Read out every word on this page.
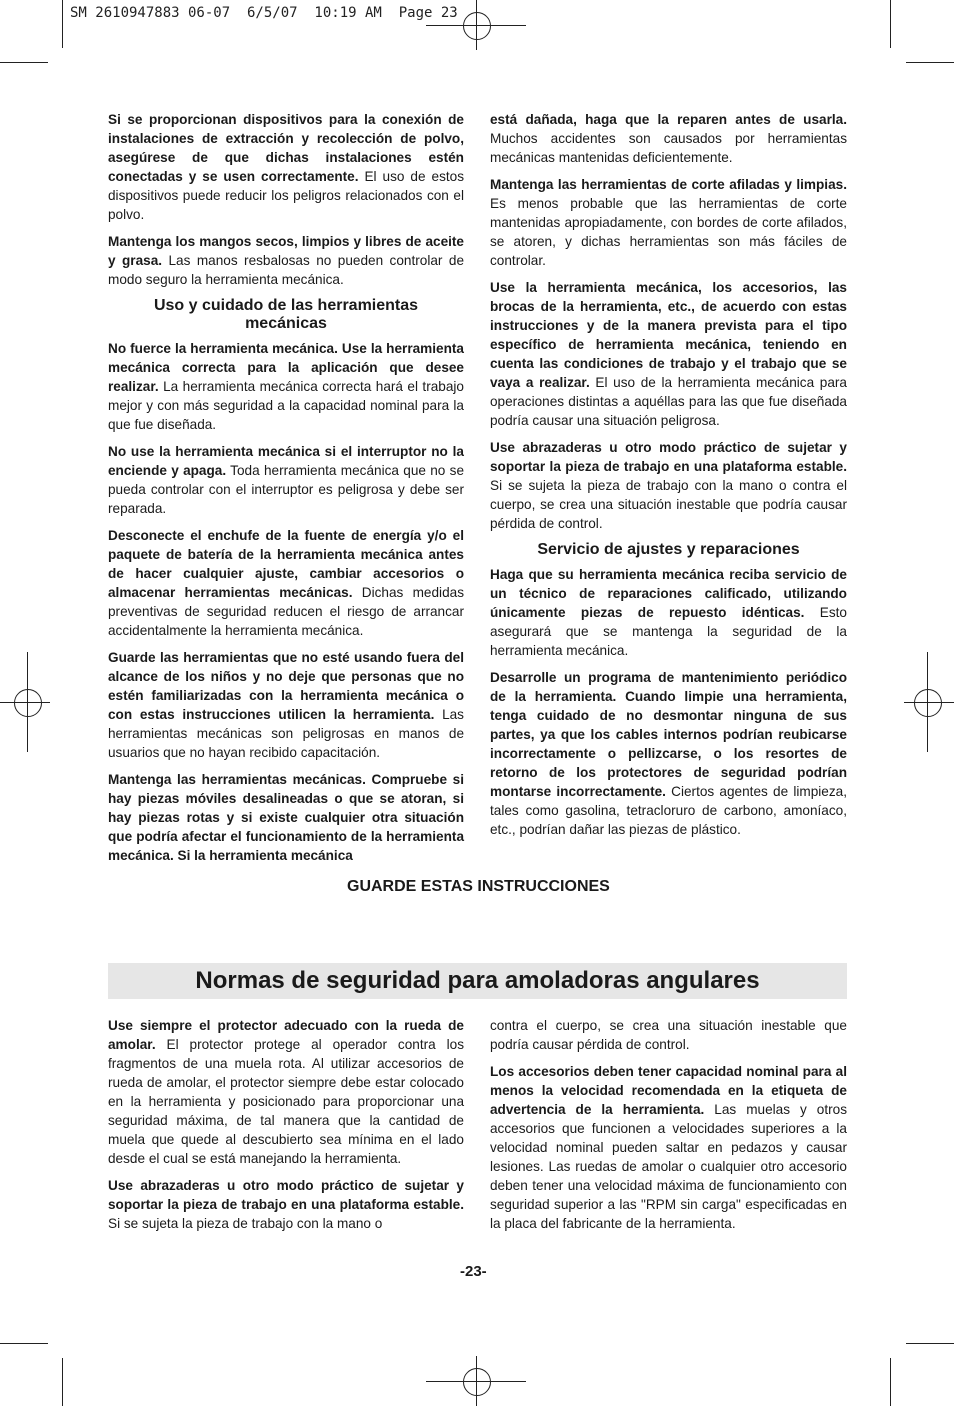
SM 2610947883 06-07  6/5/07  10:19 AM  Page 23

Si se proporcionan dispositivos para la conexión de instalaciones de extracción y recolección de polvo, asegúrese de que dichas instalaciones estén conectadas y se usen correctamente. El uso de estos dispositivos puede reducir los peligros relacionados con el polvo.

Mantenga los mangos secos, limpios y libres de aceite y grasa. Las manos resbalosas no pueden controlar de modo seguro la herramienta mecánica.

Uso y cuidado de las herramientas mecánicas

No fuerce la herramienta mecánica. Use la herramienta mecánica correcta para la aplicación que desee realizar. La herramienta mecánica correcta hará el trabajo mejor y con más seguridad a la capacidad nominal para la que fue diseñada.

No use la herramienta mecánica si el interruptor no la enciende y apaga. Toda herramienta mecánica que no se pueda controlar con el interruptor es peligrosa y debe ser reparada.

Desconecte el enchufe de la fuente de energía y/o el paquete de batería de la herramienta mecánica antes de hacer cualquier ajuste, cambiar accesorios o almacenar herramientas mecánicas. Dichas medidas preventivas de seguridad reducen el riesgo de arrancar accidentalmente la herramienta mecánica.

Guarde las herramientas que no esté usando fuera del alcance de los niños y no deje que personas que no estén familiarizadas con la herramienta mecánica o con estas instrucciones utilicen la herramienta. Las herramientas mecánicas son peligrosas en manos de usuarios que no hayan recibido capacitación.

Mantenga las herramientas mecánicas. Compruebe si hay piezas móviles desalineadas o que se atoran, si hay piezas rotas y si existe cualquier otra situación que podría afectar el funcionamiento de la herramienta mecánica. Si la herramienta mecánica

está dañada, haga que la reparen antes de usarla. Muchos accidentes son causados por herramientas mecánicas mantenidas deficientemente.

Mantenga las herramientas de corte afiladas y limpias. Es menos probable que las herramientas de corte mantenidas apropiadamente, con bordes de corte afilados, se atoren, y dichas herramientas son más fáciles de controlar.

Use la herramienta mecánica, los accesorios, las brocas de la herramienta, etc., de acuerdo con estas instrucciones y de la manera prevista para el tipo específico de herramienta mecánica, teniendo en cuenta las condiciones de trabajo y el trabajo que se vaya a realizar. El uso de la herramienta mecánica para operaciones distintas a aquéllas para las que fue diseñada podría causar una situación peligrosa.

Use abrazaderas u otro modo práctico de sujetar y soportar la pieza de trabajo en una plataforma estable. Si se sujeta la pieza de trabajo con la mano o contra el cuerpo, se crea una situación inestable que podría causar pérdida de control.

Servicio de ajustes y reparaciones

Haga que su herramienta mecánica reciba servicio de un técnico de reparaciones calificado, utilizando únicamente piezas de repuesto idénticas. Esto asegurará que se mantenga la seguridad de la herramienta mecánica.

Desarrolle un programa de mantenimiento periódico de la herramienta. Cuando limpie una herramienta, tenga cuidado de no desmontar ninguna de sus partes, ya que los cables internos podrían reubicarse incorrectamente o pellizcarse, o los resortes de retorno de los protectores de seguridad podrían montarse incorrectamente. Ciertos agentes de limpieza, tales como gasolina, tetracloruro de carbono, amoníaco, etc., podrían dañar las piezas de plástico.

GUARDE ESTAS INSTRUCCIONES
Normas de seguridad para amoladoras angulares

Use siempre el protector adecuado con la rueda de amolar. El protector protege al operador contra los fragmentos de una muela rota. Al utilizar accesorios de rueda de amolar, el protector siempre debe estar colocado en la herramienta y posicionado para proporcionar una seguridad máxima, de tal manera que la cantidad de muela que quede al descubierto sea mínima en el lado desde el cual se está manejando la herramienta.

Use abrazaderas u otro modo práctico de sujetar y soportar la pieza de trabajo en una plataforma estable. Si se sujeta la pieza de trabajo con la mano o

contra el cuerpo, se crea una situación inestable que podría causar pérdida de control.

Los accesorios deben tener capacidad nominal para al menos la velocidad recomendada en la etiqueta de advertencia de la herramienta. Las muelas y otros accesorios que funcionen a velocidades superiores a la velocidad nominal pueden saltar en pedazos y causar lesiones. Las ruedas de amolar o cualquier otro accesorio deben tener una velocidad máxima de funcionamiento con seguridad superior a las "RPM sin carga" especificadas en la placa del fabricante de la herramienta.

-23-
